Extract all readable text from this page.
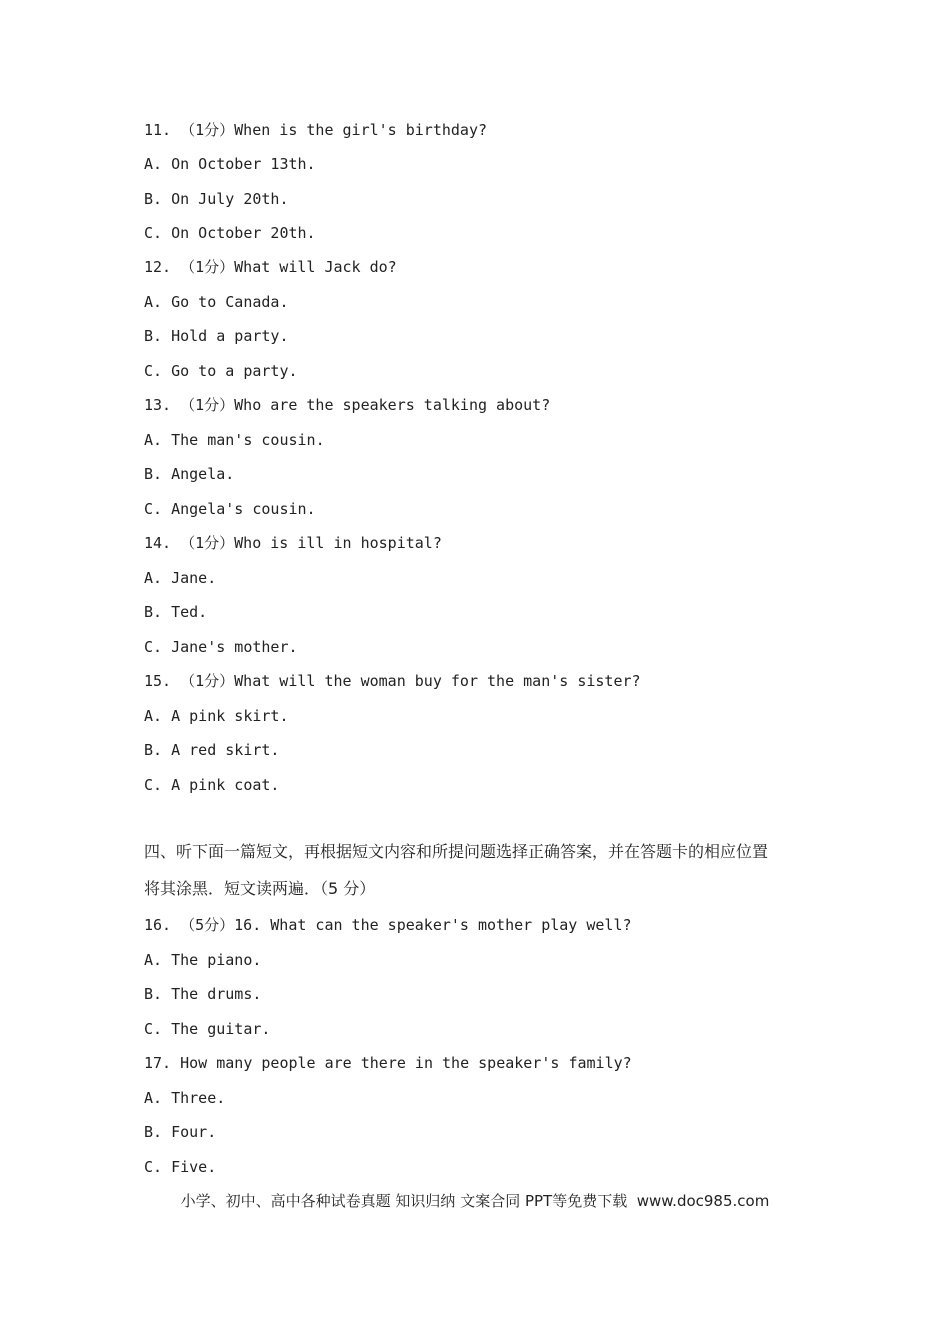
11. （1分）When is the girl's birthday?
A. On October 13th.
B. On July 20th.
C. On October 20th.
12. （1分）What will Jack do?
A. Go to Canada.
B. Hold a party.
C. Go to a party.
13. （1分）Who are the speakers talking about?
A. The man's cousin.
B. Angela.
C. Angela's cousin.
14. （1分）Who is ill in hospital?
A. Jane.
B. Ted.
C. Jane's mother.
15. （1分）What will the woman buy for the man's sister?
A. A pink skirt.
B. A red skirt.
C. A pink coat.
四、听下面一篇短文，再根据短文内容和所提问题选择正确答案，并在答题卡的相应位置
将其涂黑．短文读两遍．（5 分）
16. （5分）16. What can the speaker's mother play well?
A. The piano.
B. The drums.
C. The guitar.
17. How many people are there in the speaker's family?
A. Three.
B. Four.
C. Five.
小学、初中、高中各种试卷真题 知识归纳 文案合同 PPT等免费下载  www.doc985.com
